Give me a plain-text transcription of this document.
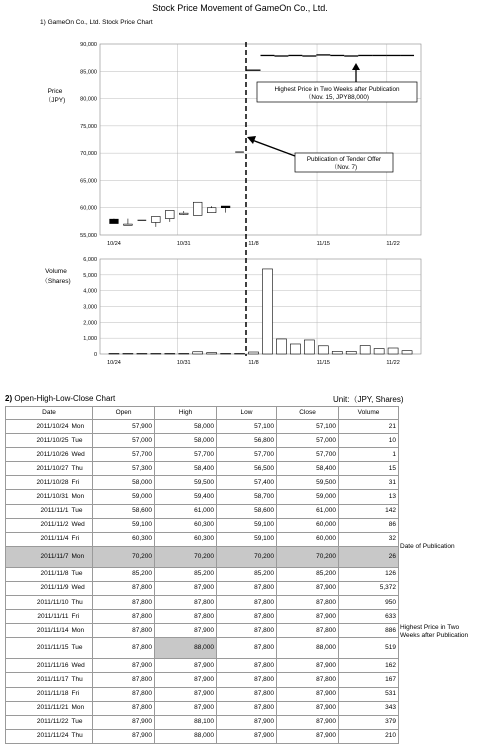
Stock Price Movement of GameOn Co., Ltd.
1) GameOn Co., Ltd. Stock Price Chart
Price
（JPY)
55,000
60,000
65,000
70,000
75,000
80,000
85,000
90,000
10/24	10/31	11/8	11/15	11/22
Highest Price in Two Weeks after Publication
（Nov. 15, JPY88,000)
Publication of Tender Offer
（Nov. 7)
Volume
（Shares)
0
1,000
2,000
3,000
4,000
5,000
6,000
10/24	10/31	11/8	11/15	11/22
2) Open-High-Low-Close Chart	Unit:（JPY, Shares)
Date		Open	High	Low	Close	Volume
2011/10/24	Mon	57,900	58,000	57,100	57,100	21
2011/10/25	Tue	57,000	58,000	56,800	57,000	10
2011/10/26	Wed	57,700	57,700	57,700	57,700	1
2011/10/27	Thu	57,300	58,400	56,500	58,400	15
2011/10/28	Fri	58,000	59,500	57,400	59,500	31
2011/10/31	Mon	59,000	59,400	58,700	59,000	13
2011/11/1	Tue	58,600	61,000	58,600	61,000	142
2011/11/2	Wed	59,100	60,300	59,100	60,000	86
2011/11/4	Fri	60,300	60,300	59,100	60,000	32
2011/11/7	Mon	70,200	70,200	70,200	70,200	26
2011/11/8	Tue	85,200	85,200	85,200	85,200	126
2011/11/9	Wed	87,800	87,900	87,800	87,900	5,372
2011/11/10	Thu	87,800	87,800	87,800	87,800	950
2011/11/11	Fri	87,800	87,800	87,800	87,900	633
2011/11/14	Mon	87,800	87,900	87,800	87,800	886
2011/11/15	Tue	87,800	88,000	87,800	88,000	519
2011/11/16	Wed	87,900	87,900	87,800	87,900	162
2011/11/17	Thu	87,800	87,900	87,800	87,800	167
2011/11/18	Fri	87,800	87,900	87,800	87,900	531
2011/11/21	Mon	87,800	87,900	87,800	87,900	343
2011/11/22	Tue	87,900	88,100	87,900	87,900	379
2011/11/24	Thu	87,900	88,000	87,900	87,900	210
Date of Publication
Highest Price in Two
Weeks after Publication
